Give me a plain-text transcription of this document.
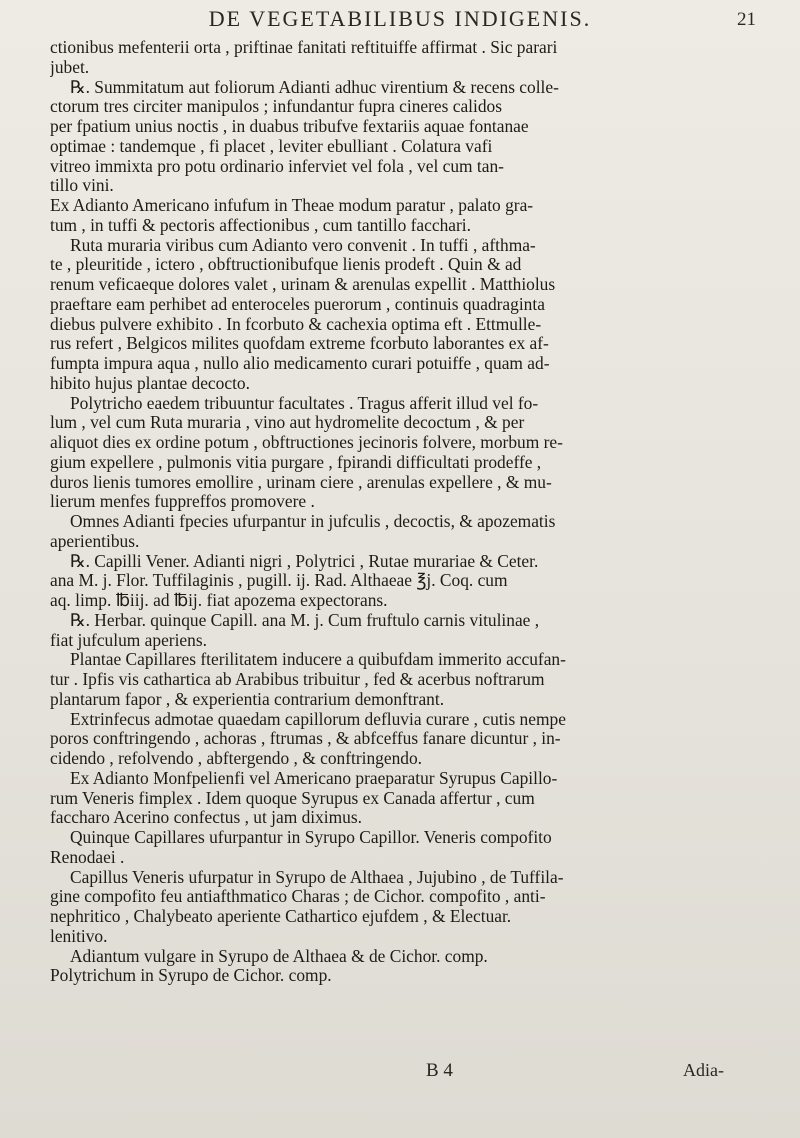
DE VEGETABILIBUS INDIGENIS.	21
ctionibus mefenterii orta , priftinae fanitati reftituiffe affirmat . Sic parari
jubet.
℞. Summitatum aut foliorum Adianti adhuc virentium & recens colle-
ctorum tres circiter manipulos ; infundantur fupra cineres calidos
per fpatium unius noctis , in duabus tribufve fextariis aquae fontanae
optimae : tandemque , fi placet , leviter ebulliant . Colatura vafi
vitreo immixta pro potu ordinario inferviet vel fola , vel cum tan-
tillo vini.
Ex Adianto Americano infufum in Theae modum paratur , palato gra-
tum , in tuffi & pectoris affectionibus , cum tantillo facchari.
Ruta muraria viribus cum Adianto vero convenit . In tuffi , afthma-
te , pleuritide , ictero , obftructionibufque lienis prodeft . Quin & ad
renum veficaeque dolores valet , urinam & arenulas expellit . Matthiolus
praeftare eam perhibet ad enteroceles puerorum , continuis quadraginta
diebus pulvere exhibito . In fcorbuto & cachexia optima eft . Ettmulle-
rus refert , Belgicos milites quofdam extreme fcorbuto laborantes ex af-
fumpta impura aqua , nullo alio medicamento curari potuiffe , quam ad-
hibito hujus plantae decocto.
Polytricho eaedem tribuuntur facultates . Tragus afferit illud vel fo-
lum , vel cum Ruta muraria , vino aut hydromelite decoctum , & per
aliquot dies ex ordine potum , obftructiones jecinoris folvere, morbum re-
gium expellere , pulmonis vitia purgare , fpirandi difficultati prodeffe ,
duros lienis tumores emollire , urinam ciere , arenulas expellere , & mu-
lierum menfes fuppreffos promovere .
Omnes Adianti fpecies ufurpantur in jufculis , decoctis, & apozematis
aperientibus.
℞. Capilli Vener. Adianti nigri , Polytrici , Rutae murariae & Ceter.
ana M. j. Flor. Tuffilaginis , pugill. ij. Rad. Althaeae ℥j. Coq. cum
aq. limp. ℔iij. ad ℔ij. fiat apozema expectorans.
℞. Herbar. quinque Capill. ana M. j. Cum fruftulo carnis vitulinae ,
fiat jufculum aperiens.
Plantae Capillares fterilitatem inducere a quibufdam immerito accufan-
tur . Ipfis vis cathartica ab Arabibus tribuitur , fed & acerbus noftrarum
plantarum fapor , & experientia contrarium demonftrant.
Extrinfecus admotae quaedam capillorum defluvia curare , cutis nempe
poros conftringendo , achoras , ftrumas , & abfceffus fanare dicuntur , in-
cidendo , refolvendo , abftergendo , & conftringendo.
Ex Adianto Monfpelienfi vel Americano praeparatur Syrupus Capillo-
rum Veneris fimplex . Idem quoque Syrupus ex Canada affertur , cum
faccharo Acerino confectus , ut jam diximus.
Quinque Capillares ufurpantur in Syrupo Capillor. Veneris compofito
Renodaei .
Capillus Veneris ufurpatur in Syrupo de Althaea , Jujubino , de Tuffila-
gine compofito feu antiafthmatico Charas ; de Cichor. compofito , anti-
nephritico , Chalybeato aperiente Cathartico ejufdem , & Electuar.
lenitivo.
Adiantum vulgare in Syrupo de Althaea & de Cichor. comp.
Polytrichum in Syrupo de Cichor. comp.
B 4	Adia-
